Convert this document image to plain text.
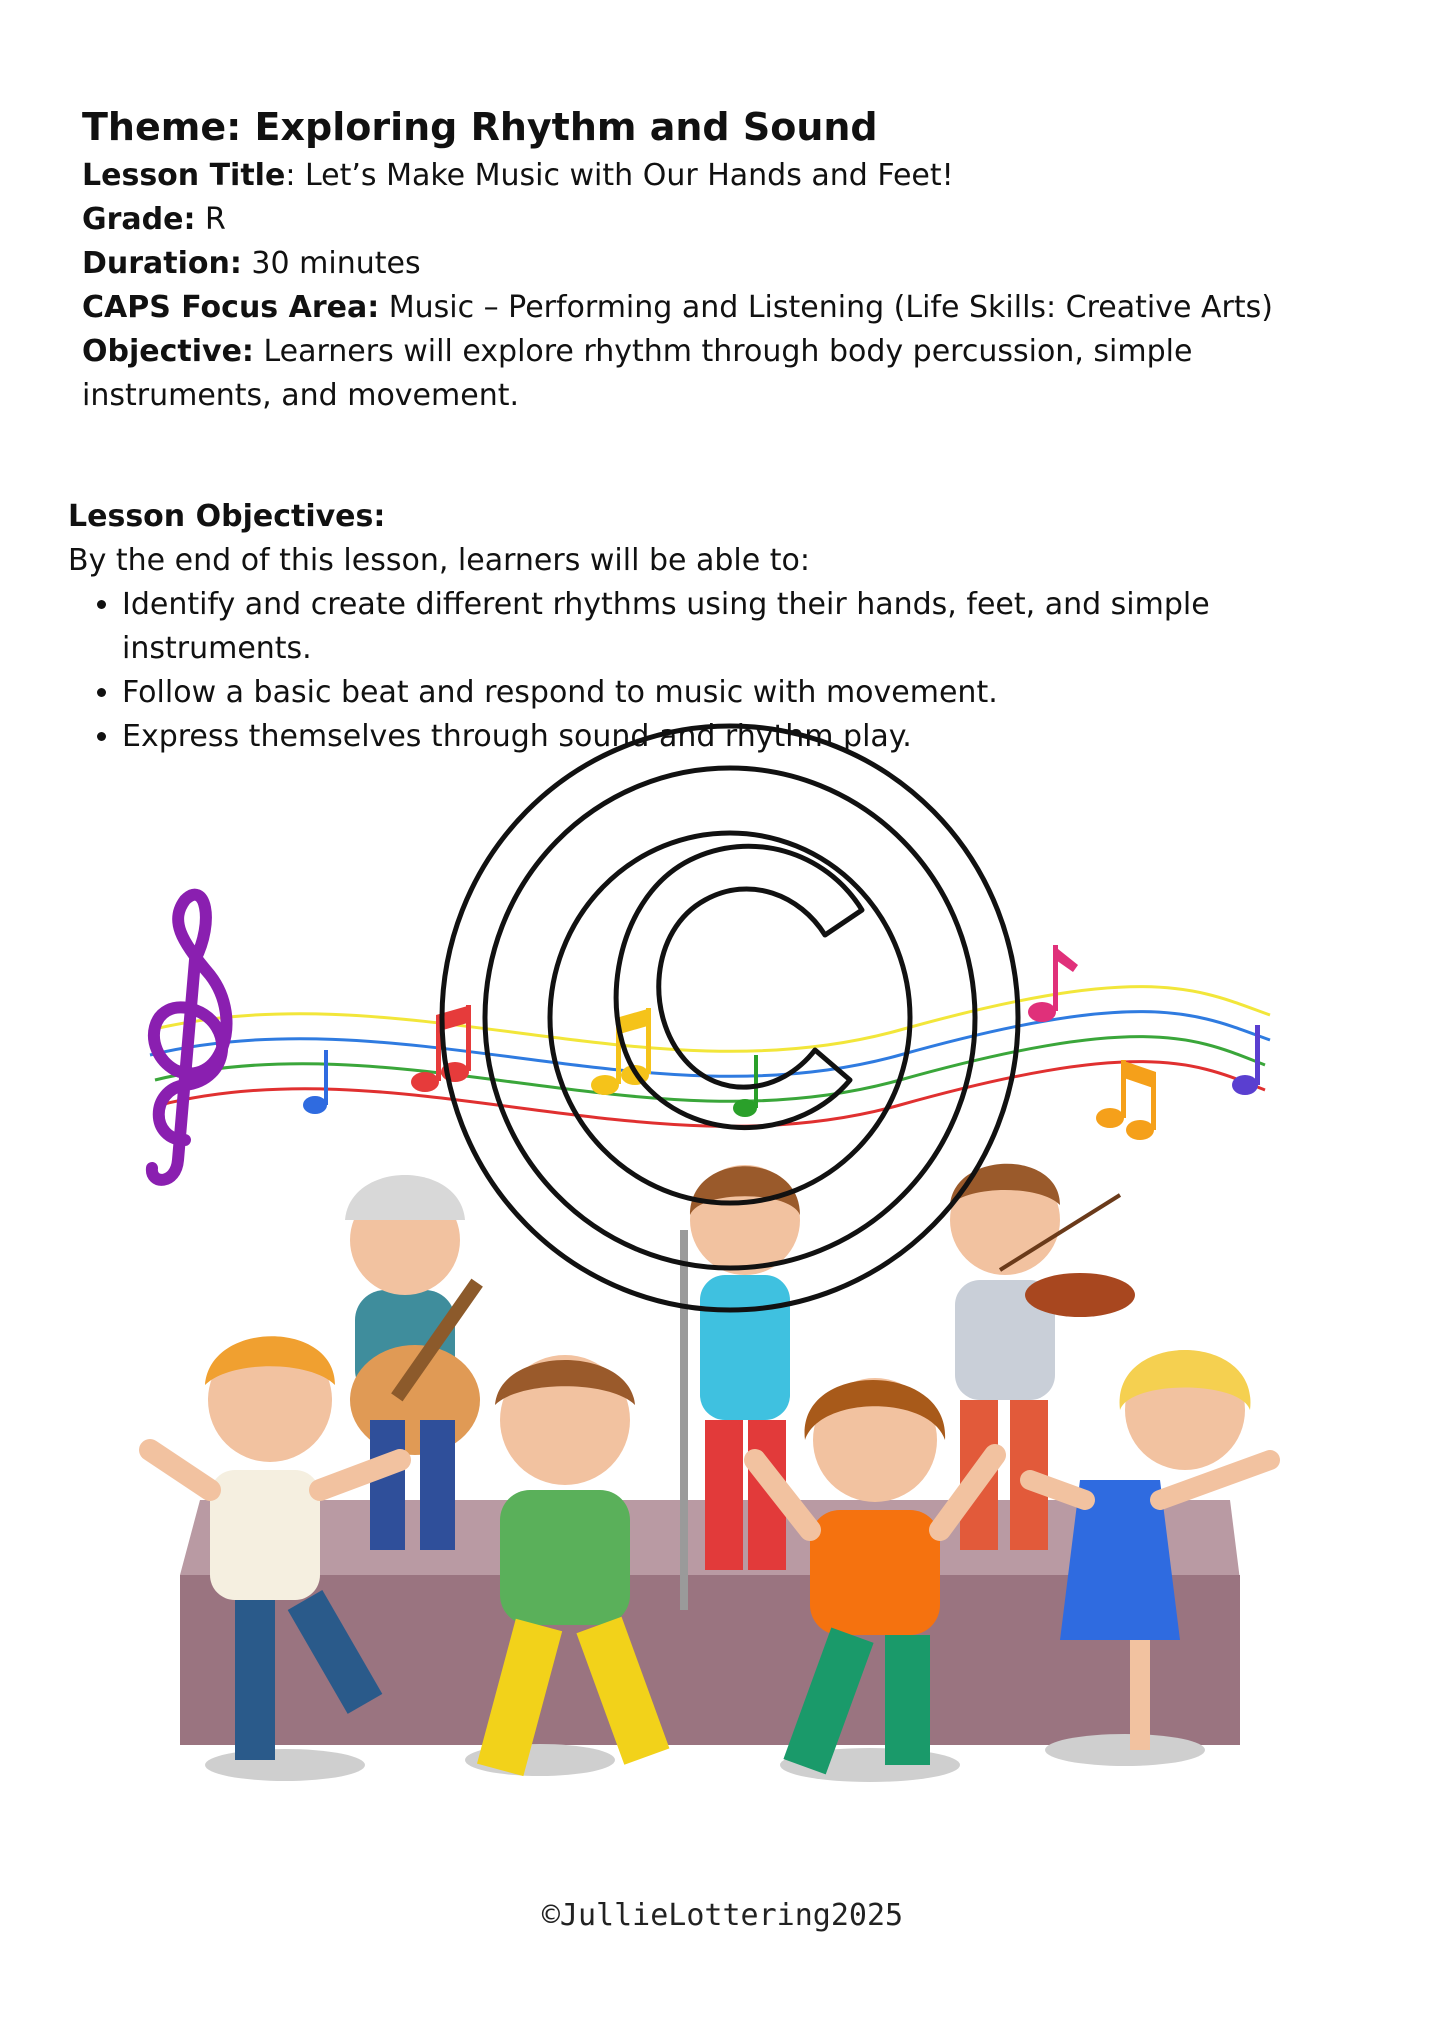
Theme: Exploring Rhythm and Sound

Lesson Title: Let’s Make Music with Our Hands and Feet!

Grade: R

Duration: 30 minutes

CAPS Focus Area: Music – Performing and Listening (Life Skills: Creative Arts)

Objective: Learners will explore rhythm through body percussion, simple instruments, and movement.

Lesson Objectives:

By the end of this lesson, learners will be able to:

• Identify and create different rhythms using their hands, feet, and simple instruments.
• Follow a basic beat and respond to music with movement.
• Express themselves through sound and rhythm play.
©JullieLottering2025
